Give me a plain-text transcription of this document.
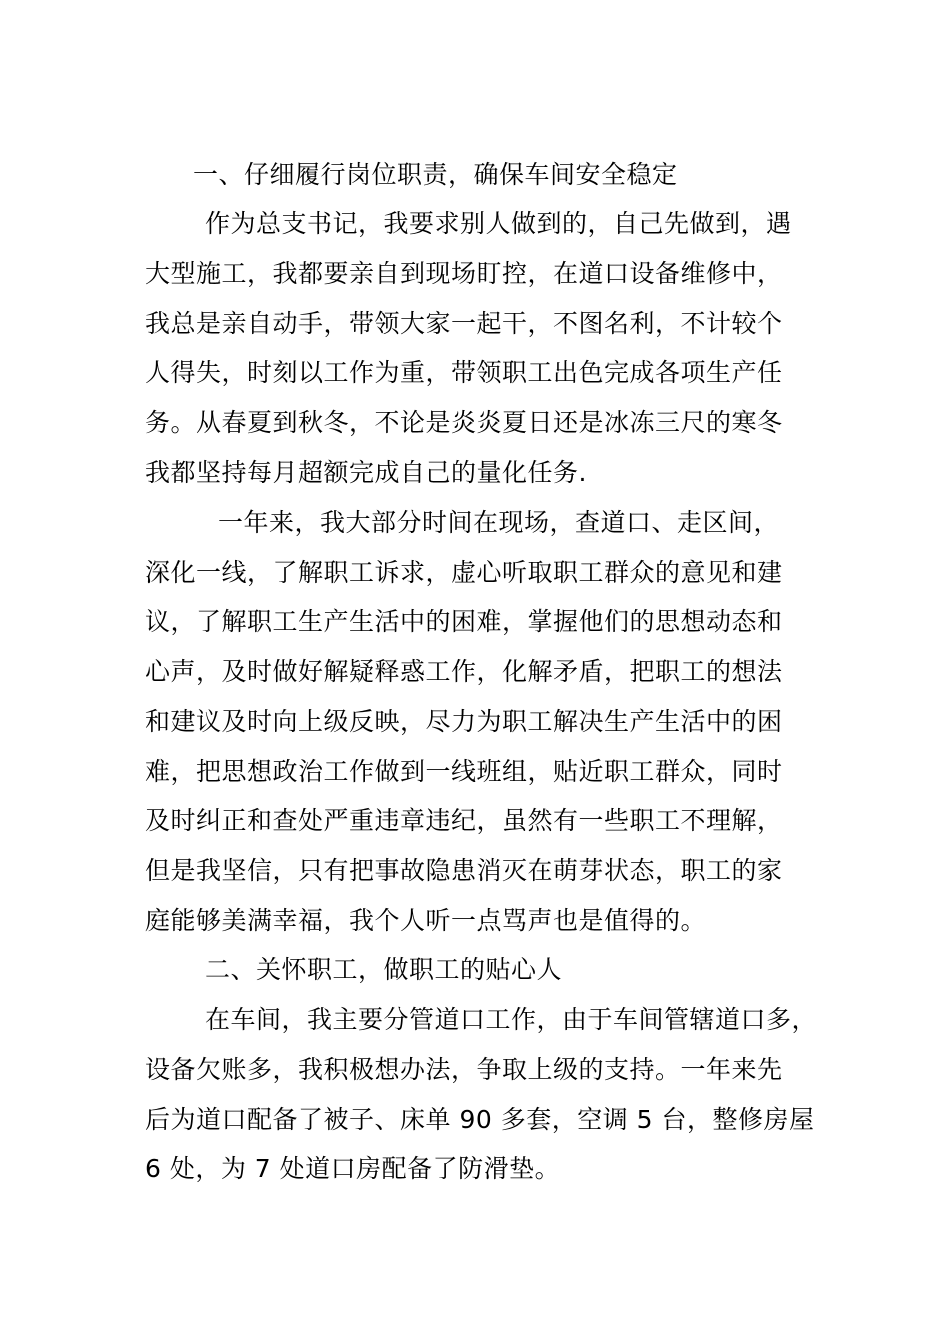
一、仔细履行岗位职责，确保车间安全稳定
作为总支书记，我要求别人做到的，自己先做到，遇
大型施工，我都要亲自到现场盯控，在道口设备维修中，
我总是亲自动手，带领大家一起干，不图名利，不计较个
人得失，时刻以工作为重，带领职工出色完成各项生产任
务。从春夏到秋冬，不论是炎炎夏日还是冰冻三尺的寒冬
我都坚持每月超额完成自己的量化任务.
一年来，我大部分时间在现场，查道口、走区间，
深化一线，了解职工诉求，虚心听取职工群众的意见和建
议，了解职工生产生活中的困难，掌握他们的思想动态和
心声，及时做好解疑释惑工作，化解矛盾，把职工的想法
和建议及时向上级反映，尽力为职工解决生产生活中的困
难，把思想政治工作做到一线班组，贴近职工群众，同时
及时纠正和查处严重违章违纪，虽然有一些职工不理解，
但是我坚信，只有把事故隐患消灭在萌芽状态，职工的家
庭能够美满幸福，我个人听一点骂声也是值得的。
二、关怀职工，做职工的贴心人
在车间，我主要分管道口工作，由于车间管辖道口多，
设备欠账多，我积极想办法，争取上级的支持。一年来先
后为道口配备了被子、床单 90 多套，空调 5 台，整修房屋
6 处，为 7 处道口房配备了防滑垫。
